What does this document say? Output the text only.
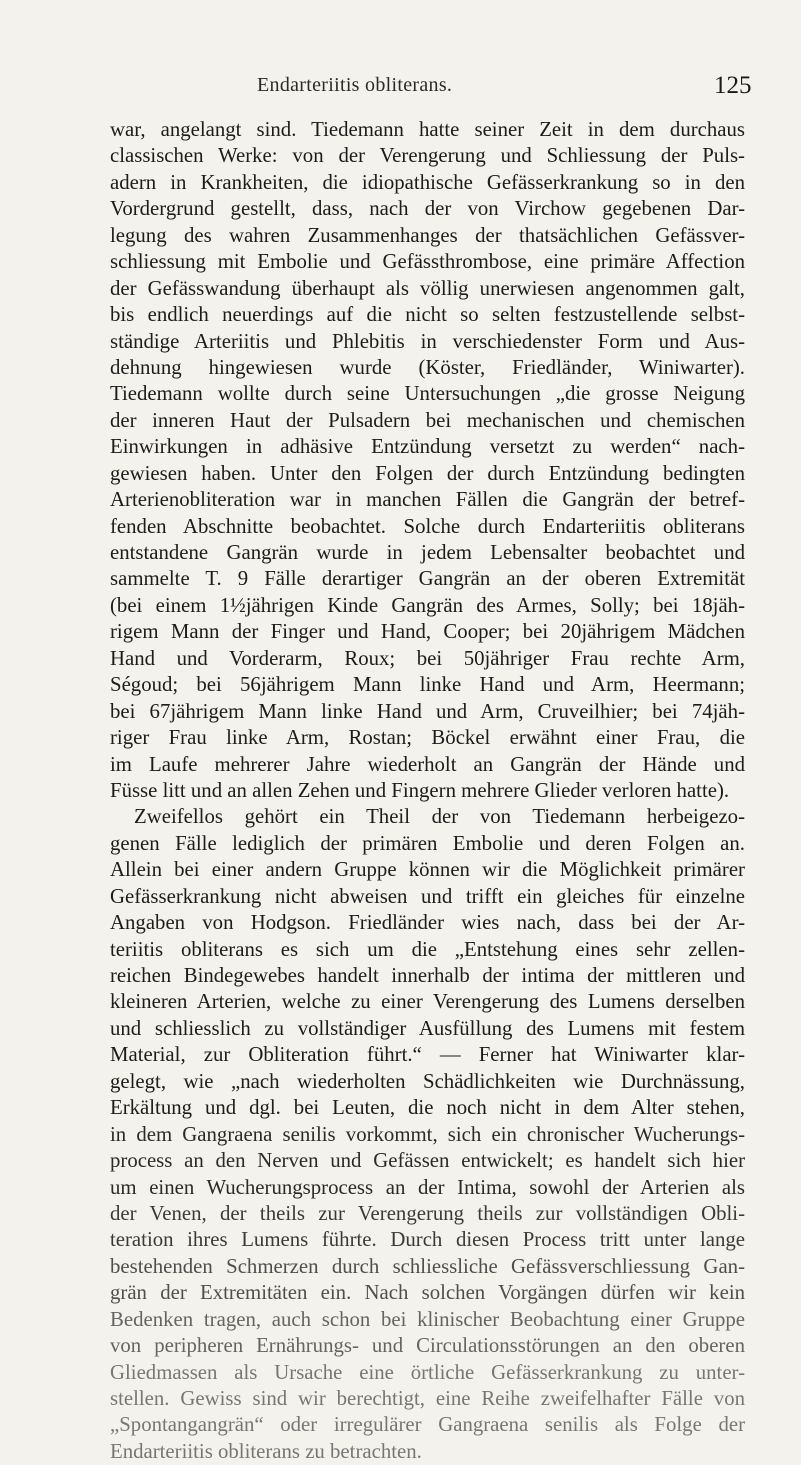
Endarteriitis obliterans.	125
war, angelangt sind. Tiedemann hatte seiner Zeit in dem durchaus
classischen Werke: von der Verengerung und Schliessung der Puls-
adern in Krankheiten, die idiopathische Gefässerkrankung so in den
Vordergrund gestellt, dass, nach der von Virchow gegebenen Dar-
legung des wahren Zusammenhanges der thatsächlichen Gefässver-
schliessung mit Embolie und Gefässthrombose, eine primäre Affection
der Gefässwandung überhaupt als völlig unerwiesen angenommen galt,
bis endlich neuerdings auf die nicht so selten festzustellende selbst-
ständige Arteriitis und Phlebitis in verschiedenster Form und Aus-
dehnung hingewiesen wurde (Köster, Friedländer, Winiwarter).
Tiedemann wollte durch seine Untersuchungen „die grosse Neigung
der inneren Haut der Pulsadern bei mechanischen und chemischen
Einwirkungen in adhäsive Entzündung versetzt zu werden“ nach-
gewiesen haben. Unter den Folgen der durch Entzündung bedingten
Arterienobliteration war in manchen Fällen die Gangrän der betref-
fenden Abschnitte beobachtet. Solche durch Endarteriitis obliterans
entstandene Gangrän wurde in jedem Lebensalter beobachtet und
sammelte T. 9 Fälle derartiger Gangrän an der oberen Extremität
(bei einem 1½jährigen Kinde Gangrän des Armes, Solly; bei 18jäh-
rigem Mann der Finger und Hand, Cooper; bei 20jährigem Mädchen
Hand und Vorderarm, Roux; bei 50jähriger Frau rechte Arm,
Ségoud; bei 56jährigem Mann linke Hand und Arm, Heermann;
bei 67jährigem Mann linke Hand und Arm, Cruveilhier; bei 74jäh-
riger Frau linke Arm, Rostan; Böckel erwähnt einer Frau, die
im Laufe mehrerer Jahre wiederholt an Gangrän der Hände und
Füsse litt und an allen Zehen und Fingern mehrere Glieder verloren hatte).
Zweifellos gehört ein Theil der von Tiedemann herbeigezo-
genen Fälle lediglich der primären Embolie und deren Folgen an.
Allein bei einer andern Gruppe können wir die Möglichkeit primärer
Gefässerkrankung nicht abweisen und trifft ein gleiches für einzelne
Angaben von Hodgson. Friedländer wies nach, dass bei der Ar-
teriitis obliterans es sich um die „Entstehung eines sehr zellen-
reichen Bindegewebes handelt innerhalb der intima der mittleren und
kleineren Arterien, welche zu einer Verengerung des Lumens derselben
und schliesslich zu vollständiger Ausfüllung des Lumens mit festem
Material, zur Obliteration führt.“ — Ferner hat Winiwarter klar-
gelegt, wie „nach wiederholten Schädlichkeiten wie Durchnässung,
Erkältung und dgl. bei Leuten, die noch nicht in dem Alter stehen,
in dem Gangraena senilis vorkommt, sich ein chronischer Wucherungs-
process an den Nerven und Gefässen entwickelt; es handelt sich hier
um einen Wucherungsprocess an der Intima, sowohl der Arterien als
der Venen, der theils zur Verengerung theils zur vollständigen Obli-
teration ihres Lumens führte. Durch diesen Process tritt unter lange
bestehenden Schmerzen durch schliessliche Gefässverschliessung Gan-
grän der Extremitäten ein. Nach solchen Vorgängen dürfen wir kein
Bedenken tragen, auch schon bei klinischer Beobachtung einer Gruppe
von peripheren Ernährungs- und Circulationsstörungen an den oberen
Gliedmassen als Ursache eine örtliche Gefässerkrankung zu unter-
stellen. Gewiss sind wir berechtigt, eine Reihe zweifelhafter Fälle von
„Spontangangrän“ oder irregulärer Gangraena senilis als Folge der
Endarteriitis obliterans zu betrachten.
